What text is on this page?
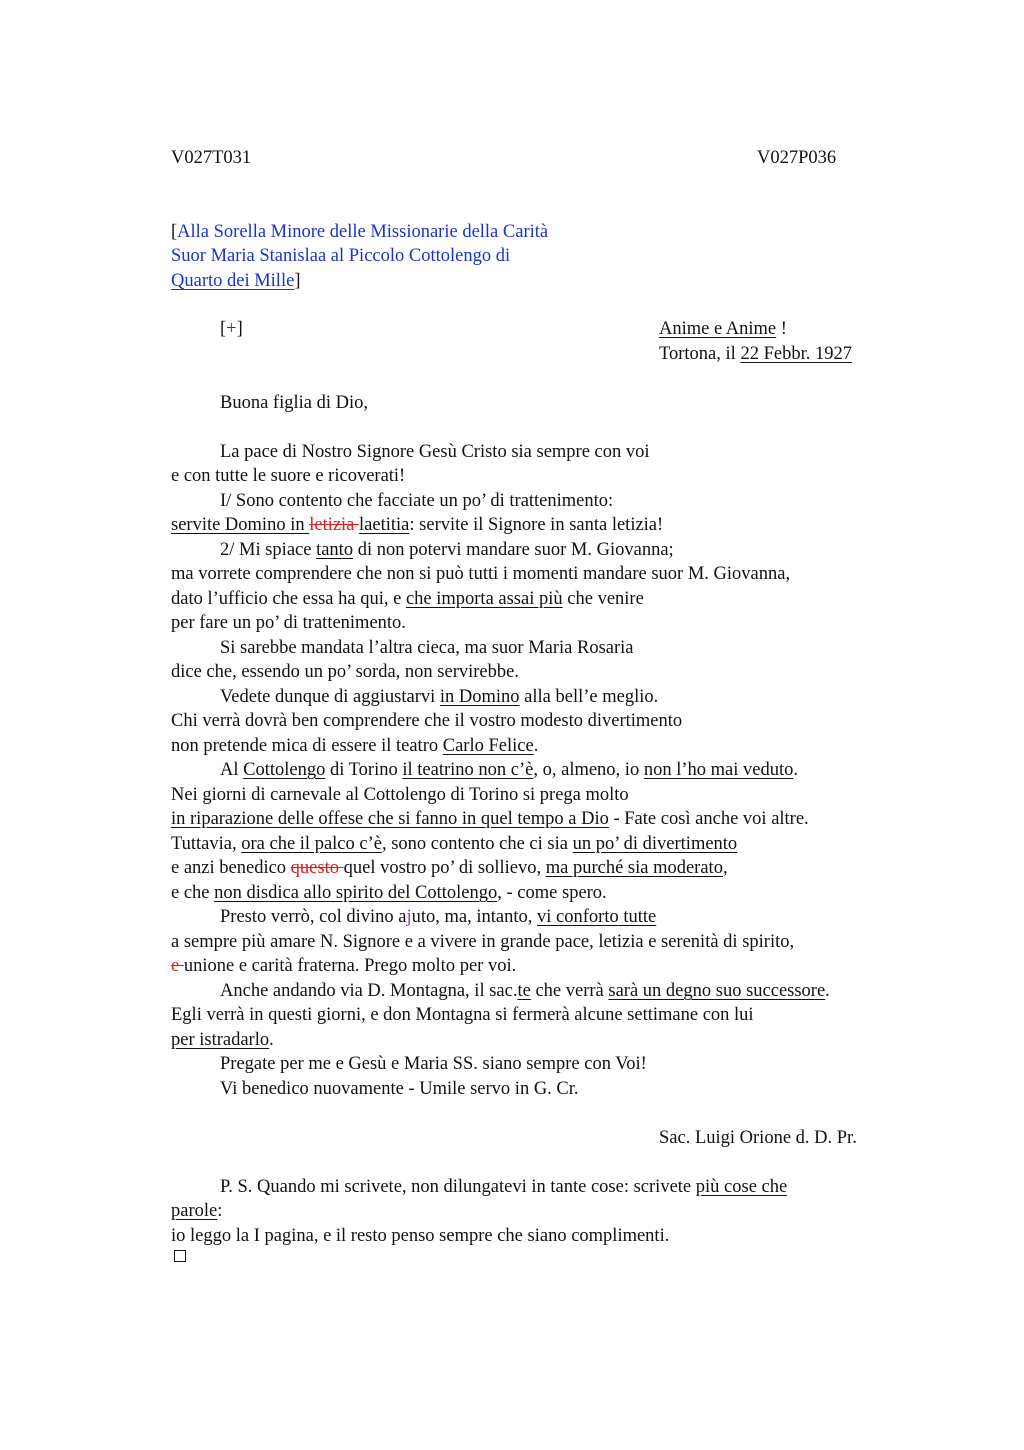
V027T031	V027P036
[Alla Sorella Minore delle Missionarie della Carità
Suor Maria Stanislaa al Piccolo Cottolengo di
Quarto dei Mille]
[+]	Anime e Anime !
Tortona, il 22 Febbr. 1927
Buona figlia di Dio,
La pace di Nostro Signore Gesù Cristo sia sempre con voi
e con tutte le suore e ricoverati!
I/ Sono contento che facciate un po’ di trattenimento:
servite Domino in letizia laetitia: servite il Signore in santa letizia!
2/ Mi spiace tanto di non potervi mandare suor M. Giovanna;
ma vorrete comprendere che non si può tutti i momenti mandare suor M. Giovanna,
dato l’ufficio che essa ha qui, e che importa assai più che venire
per fare un po’ di trattenimento.
Si sarebbe mandata l’altra cieca, ma suor Maria Rosaria
dice che, essendo un po’ sorda, non servirebbe.
Vedete dunque di aggiustarvi in Domino alla bell’e meglio.
Chi verrà dovrà ben comprendere che il vostro modesto divertimento
non pretende mica di essere il teatro Carlo Felice.
Al Cottolengo di Torino il teatrino non c’è, o, almeno, io non l’ho mai veduto.
Nei giorni di carnevale al Cottolengo di Torino si prega molto
in riparazione delle offese che si fanno in quel tempo a Dio - Fate così anche voi altre.
Tuttavia, ora che il palco c’è, sono contento che ci sia un po’ di divertimento
e anzi benedico questo quel vostro po’ di sollievo, ma purché sia moderato,
e che non disdica allo spirito del Cottolengo, - come spero.
Presto verrò, col divino ajuto, ma, intanto, vi conforto tutte
a sempre più amare N. Signore e a vivere in grande pace, letizia e serenità di spirito,
e unione e carità fraterna. Prego molto per voi.
Anche andando via D. Montagna, il sac.te che verrà sarà un degno suo successore.
Egli verrà in questi giorni, e don Montagna si fermerà alcune settimane con lui
per istradarlo.
Pregate per me e Gesù e Maria SS. siano sempre con Voi!
Vi benedico nuovamente - Umile servo in G. Cr.
Sac. Luigi Orione d. D. Pr.
P. S. Quando mi scrivete, non dilungatevi in tante cose: scrivete più cose che
parole:
io leggo la I pagina, e il resto penso sempre che siano complimenti.
